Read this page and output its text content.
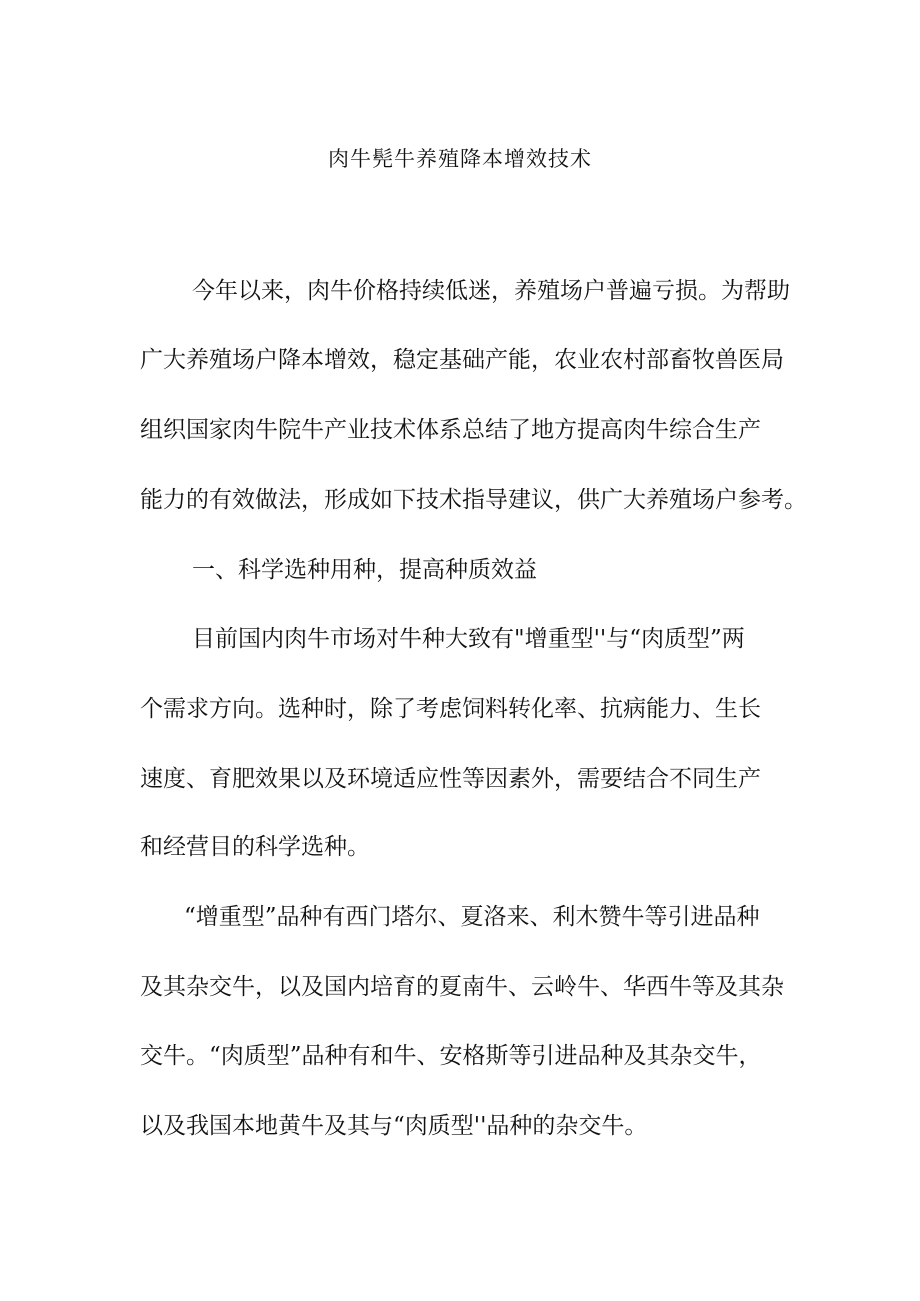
肉牛髡牛养殖降本增效技术

今年以来，肉牛价格持续低迷，养殖场户普遍亏损。为帮助

广大养殖场户降本增效，稳定基础产能，农业农村部畜牧兽医局

组织国家肉牛院牛产业技术体系总结了地方提高肉牛综合生产

能力的有效做法，形成如下技术指导建议，供广大养殖场户参考。

一、科学选种用种，提高种质效益

目前国内肉牛市场对牛种大致有"增重型''与“肉质型”两

个需求方向。选种时，除了考虑饲料转化率、抗病能力、生长

速度、育肥效果以及环境适应性等因素外，需要结合不同生产

和经营目的科学选种。

“增重型”品种有西门塔尔、夏洛来、利木赞牛等引进品种

及其杂交牛，以及国内培育的夏南牛、云岭牛、华西牛等及其杂

交牛。“肉质型”品种有和牛、安格斯等引进品种及其杂交牛，

以及我国本地黄牛及其与“肉质型''品种的杂交牛。
